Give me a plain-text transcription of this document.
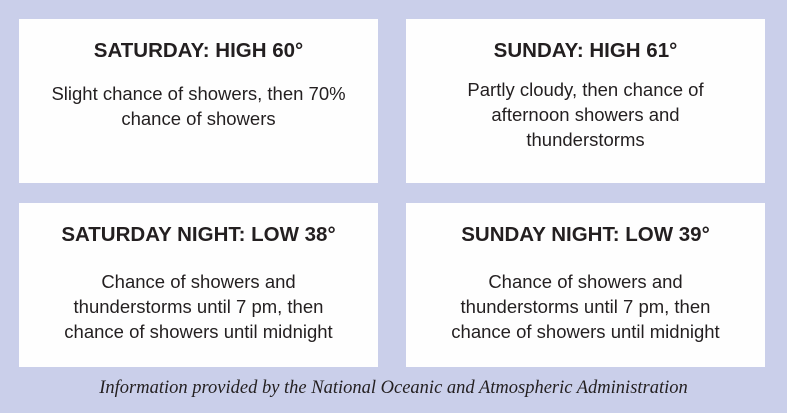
SATURDAY: HIGH 60°
Slight chance of showers, then 70% chance of showers
SUNDAY: HIGH 61°
Partly cloudy, then chance of afternoon showers and thunderstorms
SATURDAY NIGHT: LOW 38°
Chance of showers and thunderstorms until 7 pm, then chance of showers until midnight
SUNDAY NIGHT: LOW 39°
Chance of showers and thunderstorms until 7 pm, then chance of showers until midnight
Information provided by the National Oceanic and Atmospheric Administration
